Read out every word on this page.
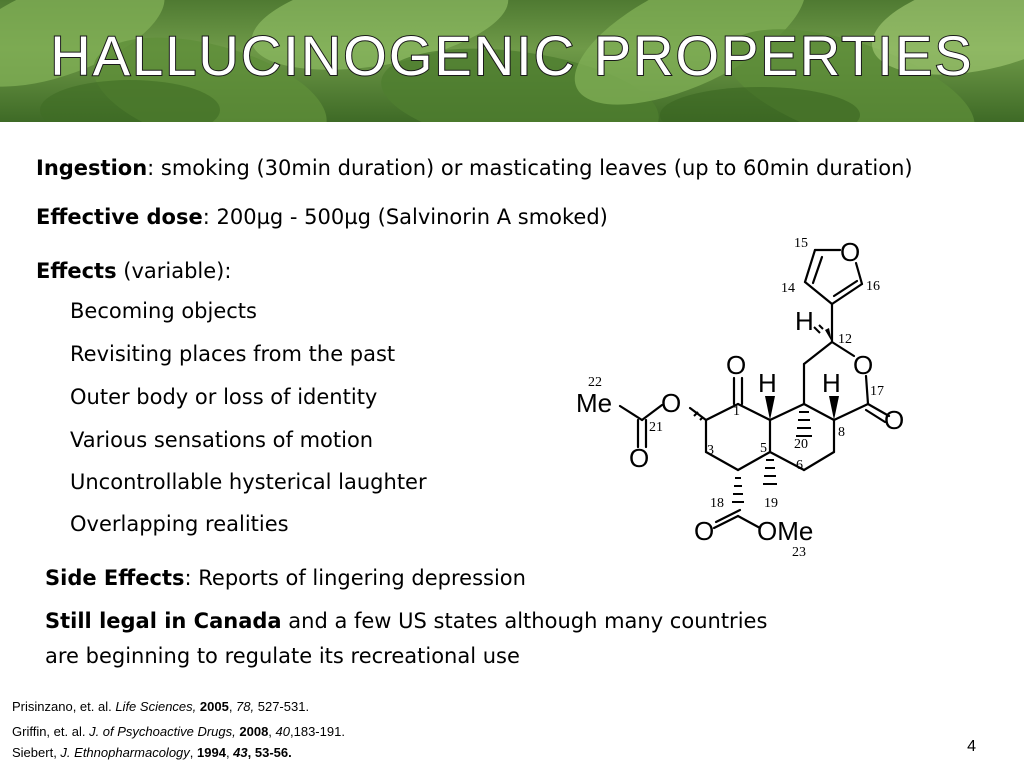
HALLUCINOGENIC PROPERTIES
Ingestion: smoking (30min duration) or masticating leaves (up to 60min duration)
Effective dose: 200µg - 500µg (Salvinorin A smoked)
Effects (variable):
Becoming objects
Revisiting places from the past
Outer body or loss of identity
Various sensations of motion
Uncontrollable hysterical laughter
Overlapping realities
Side Effects: Reports of lingering depression
Still legal in Canada and a few US states although many countries
are beginning to regulate its recreational use
O
H
O
O
H H
Me O
O
O
O OMe
15
14	16
12
22
1
17
21
3	5 20
8
6
18	19
23
Prisinzano, et. al. Life Sciences, 2005, 78, 527-531.
Griffin, et. al. J. of Psychoactive Drugs, 2008, 40,183-191.
Siebert, J. Ethnopharmacology, 1994, 43, 53-56.	4
